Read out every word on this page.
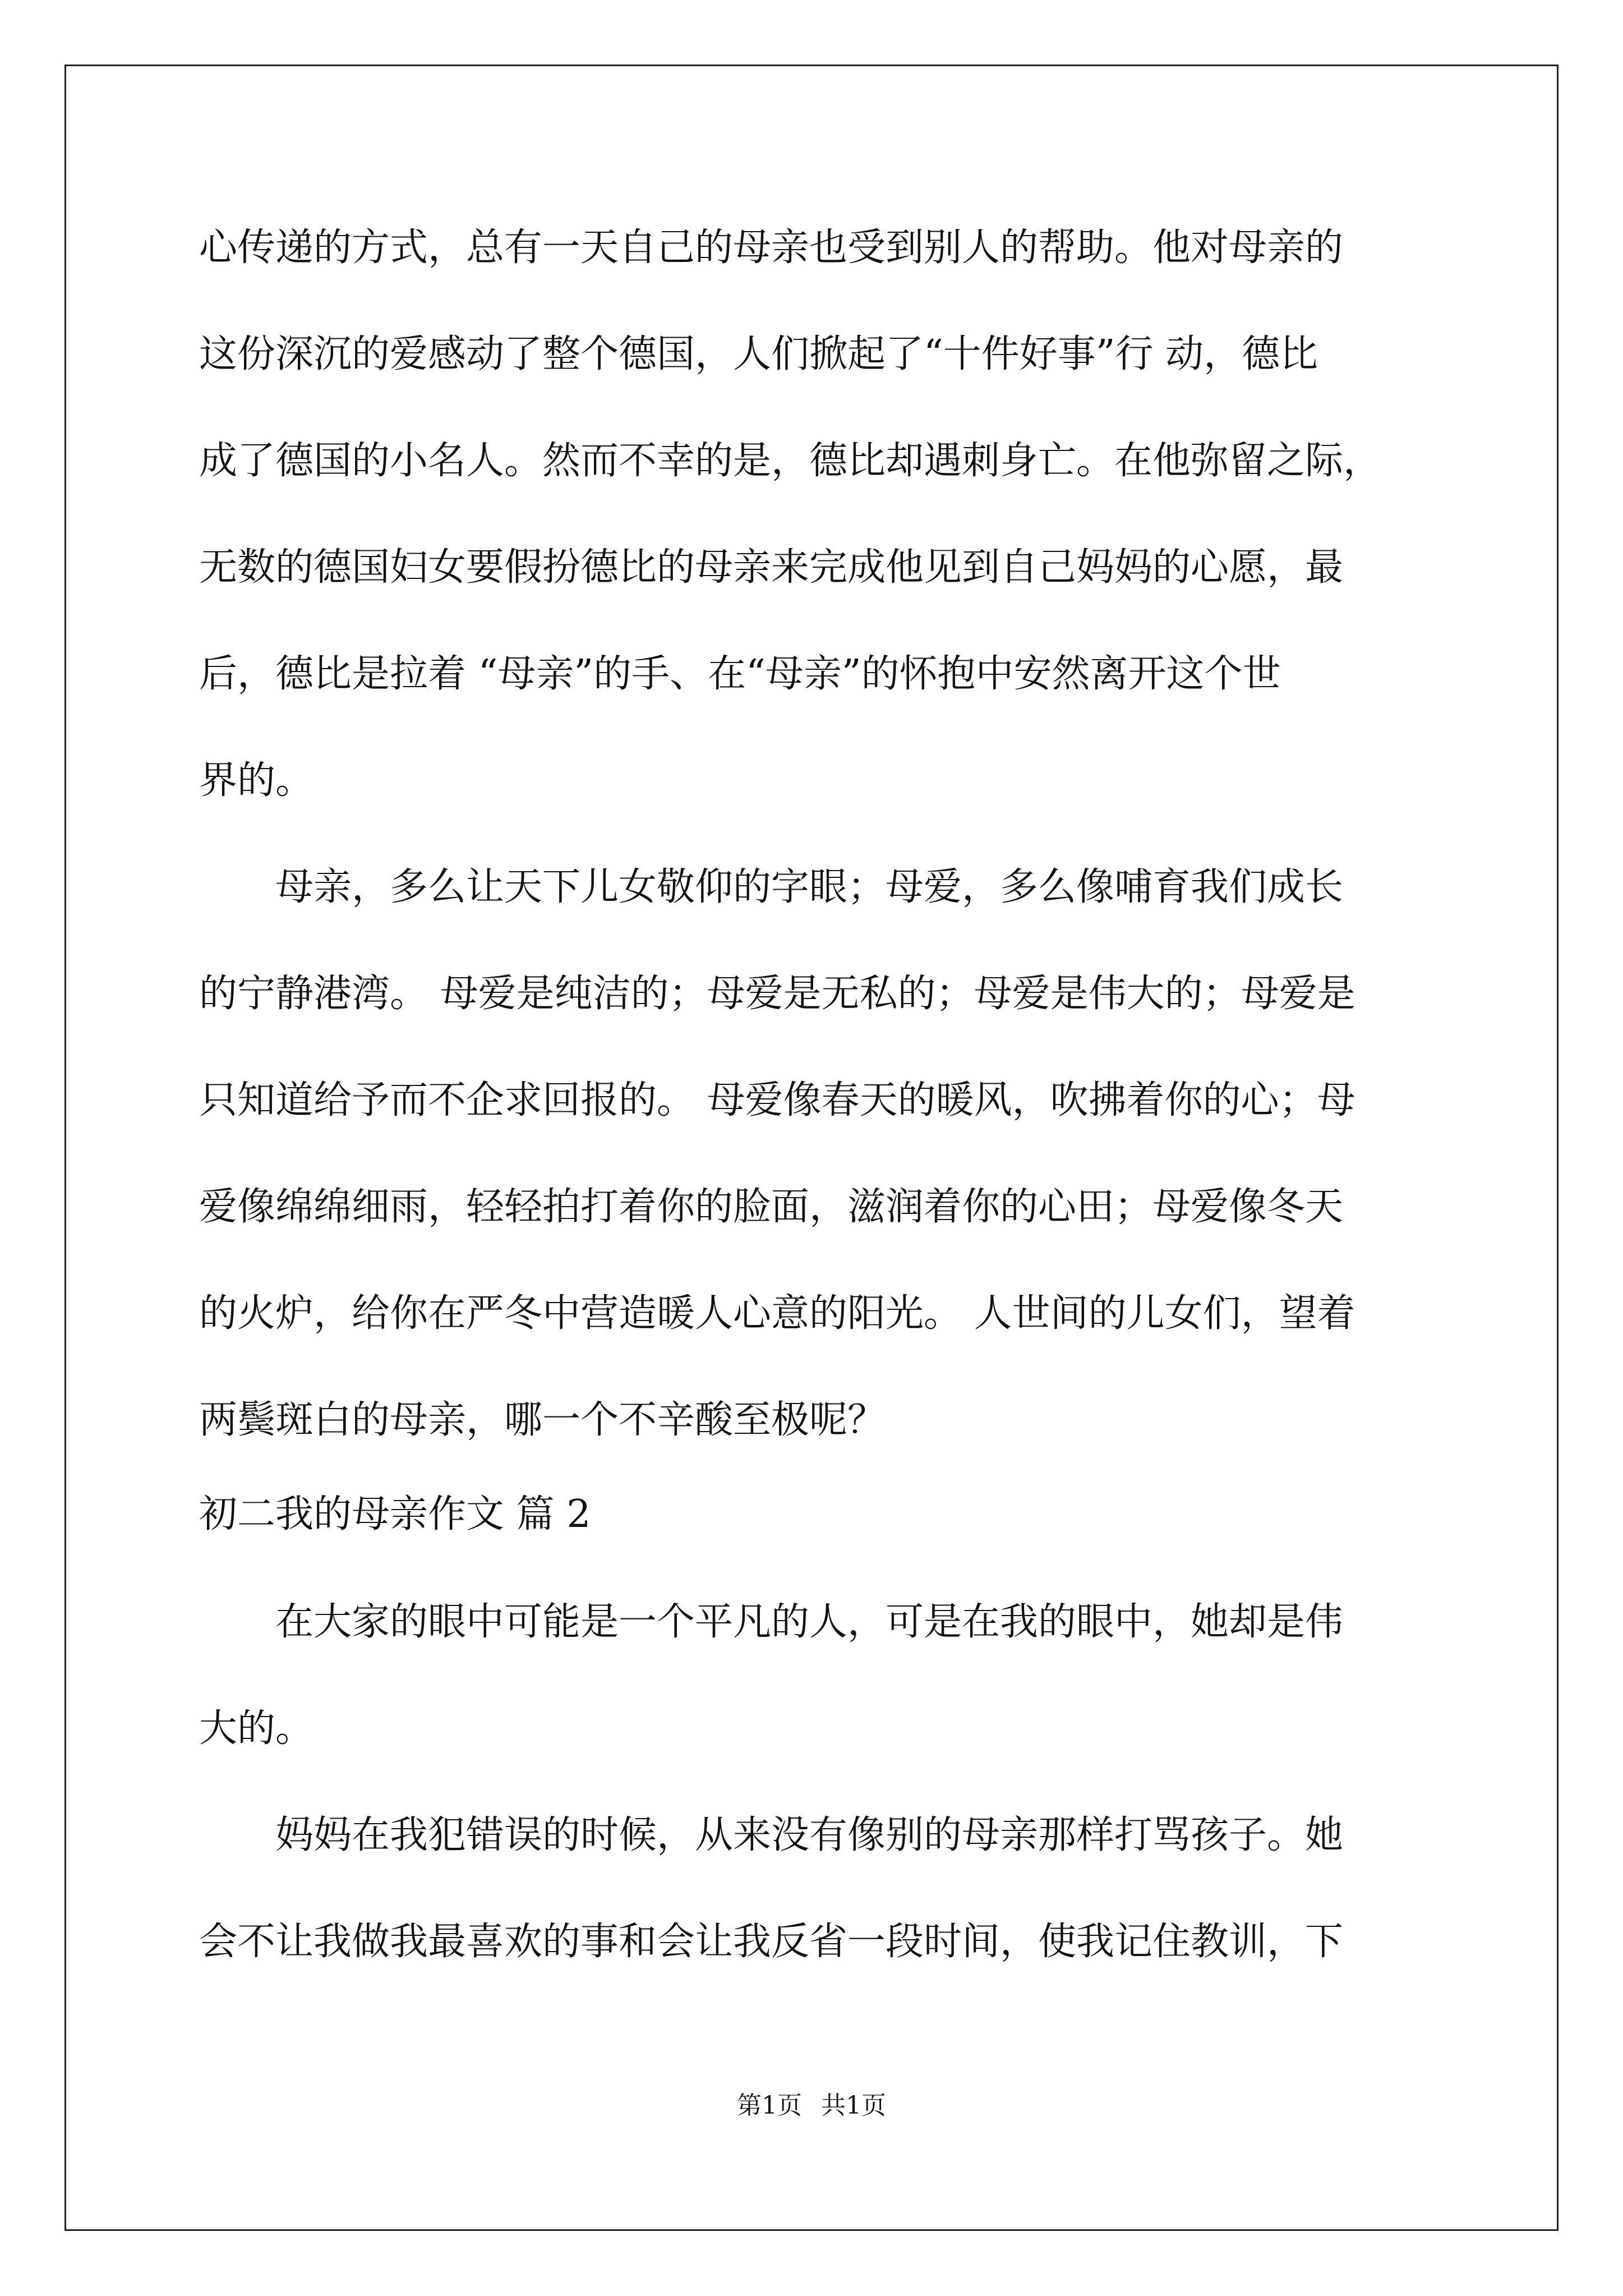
心传递的方式，总有一天自己的母亲也受到别人的帮助。他对母亲的
这份深沉的爱感动了整个德国，人们掀起了“十件好事”行 动，德比
成了德国的小名人。然而不幸的是，德比却遇刺身亡。在他弥留之际，
无数的德国妇女要假扮德比的母亲来完成他见到自己妈妈的心愿，最
后，德比是拉着 “母亲”的手、在“母亲”的怀抱中安然离开这个世
界的。
　　母亲，多么让天下儿女敬仰的字眼；母爱，多么像哺育我们成长
的宁静港湾。 母爱是纯洁的；母爱是无私的；母爱是伟大的；母爱是
只知道给予而不企求回报的。 母爱像春天的暖风，吹拂着你的心；母
爱像绵绵细雨，轻轻拍打着你的脸面，滋润着你的心田；母爱像冬天
的火炉，给你在严冬中营造暖人心意的阳光。 人世间的儿女们，望着
两鬓斑白的母亲，哪一个不辛酸至极呢？
初二我的母亲作文 篇 2
　　在大家的眼中可能是一个平凡的人，可是在我的眼中，她却是伟
大的。
　　妈妈在我犯错误的时候，从来没有像别的母亲那样打骂孩子。她
会不让我做我最喜欢的事和会让我反省一段时间，使我记住教训，下
第1页 共1页
